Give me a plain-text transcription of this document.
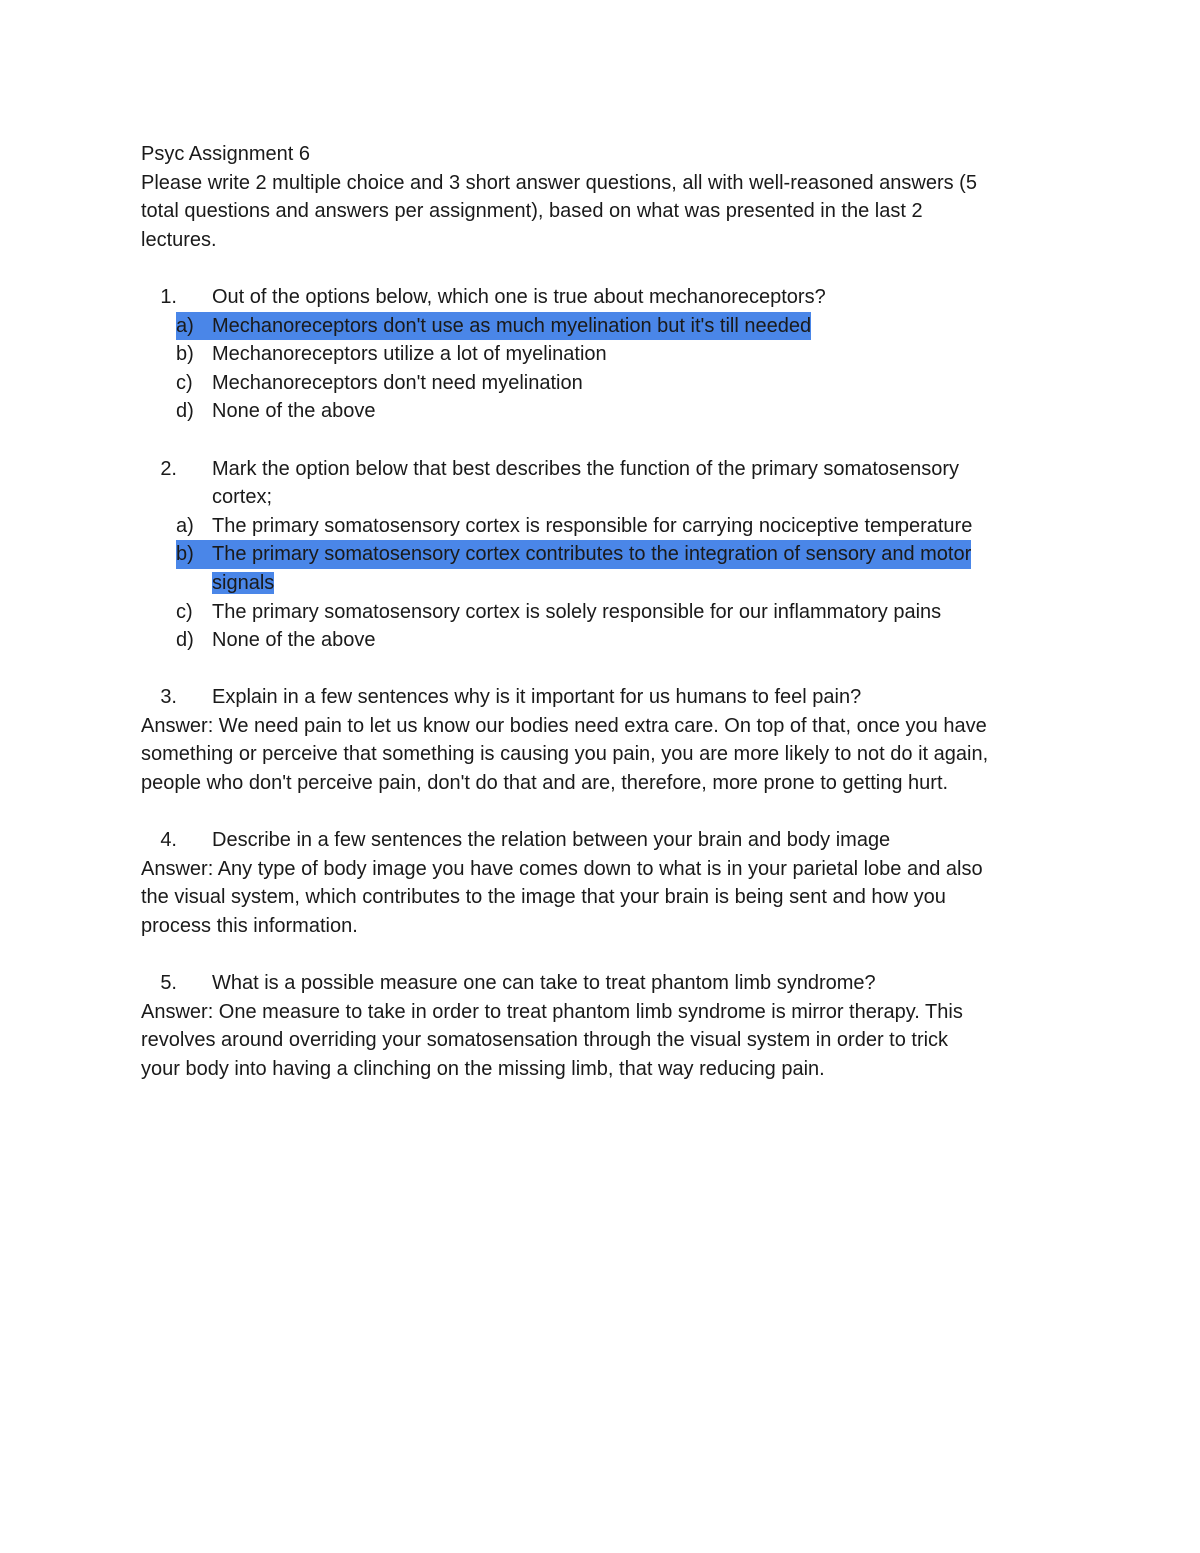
Psyc Assignment 6
Please write 2 multiple choice and 3 short answer questions, all with well-reasoned answers (5
total questions and answers per assignment), based on what was presented in the last 2
lectures.
1.	Out of the options below, which one is true about mechanoreceptors?
a) Mechanoreceptors don't use as much myelination but it's till needed
b) Mechanoreceptors utilize a lot of myelination
c) Mechanoreceptors don't need myelination
d) None of the above
2.	Mark the option below that best describes the function of the primary somatosensory
cortex;
a) The primary somatosensory cortex is responsible for carrying nociceptive temperature
b) The primary somatosensory cortex contributes to the integration of sensory and motor
signals
c) The primary somatosensory cortex is solely responsible for our inflammatory pains
d) None of the above
3.	Explain in a few sentences why is it important for us humans to feel pain?
Answer: We need pain to let us know our bodies need extra care. On top of that, once you have
something or perceive that something is causing you pain, you are more likely to not do it again,
people who don't perceive pain, don't do that and are, therefore, more prone to getting hurt.
4.	Describe in a few sentences the relation between your brain and body image
Answer: Any type of body image you have comes down to what is in your parietal lobe and also
the visual system, which contributes to the image that your brain is being sent and how you
process this information.
5.	What is a possible measure one can take to treat phantom limb syndrome?
Answer: One measure to take in order to treat phantom limb syndrome is mirror therapy. This
revolves around overriding your somatosensation through the visual system in order to trick
your body into having a clinching on the missing limb, that way reducing pain.
